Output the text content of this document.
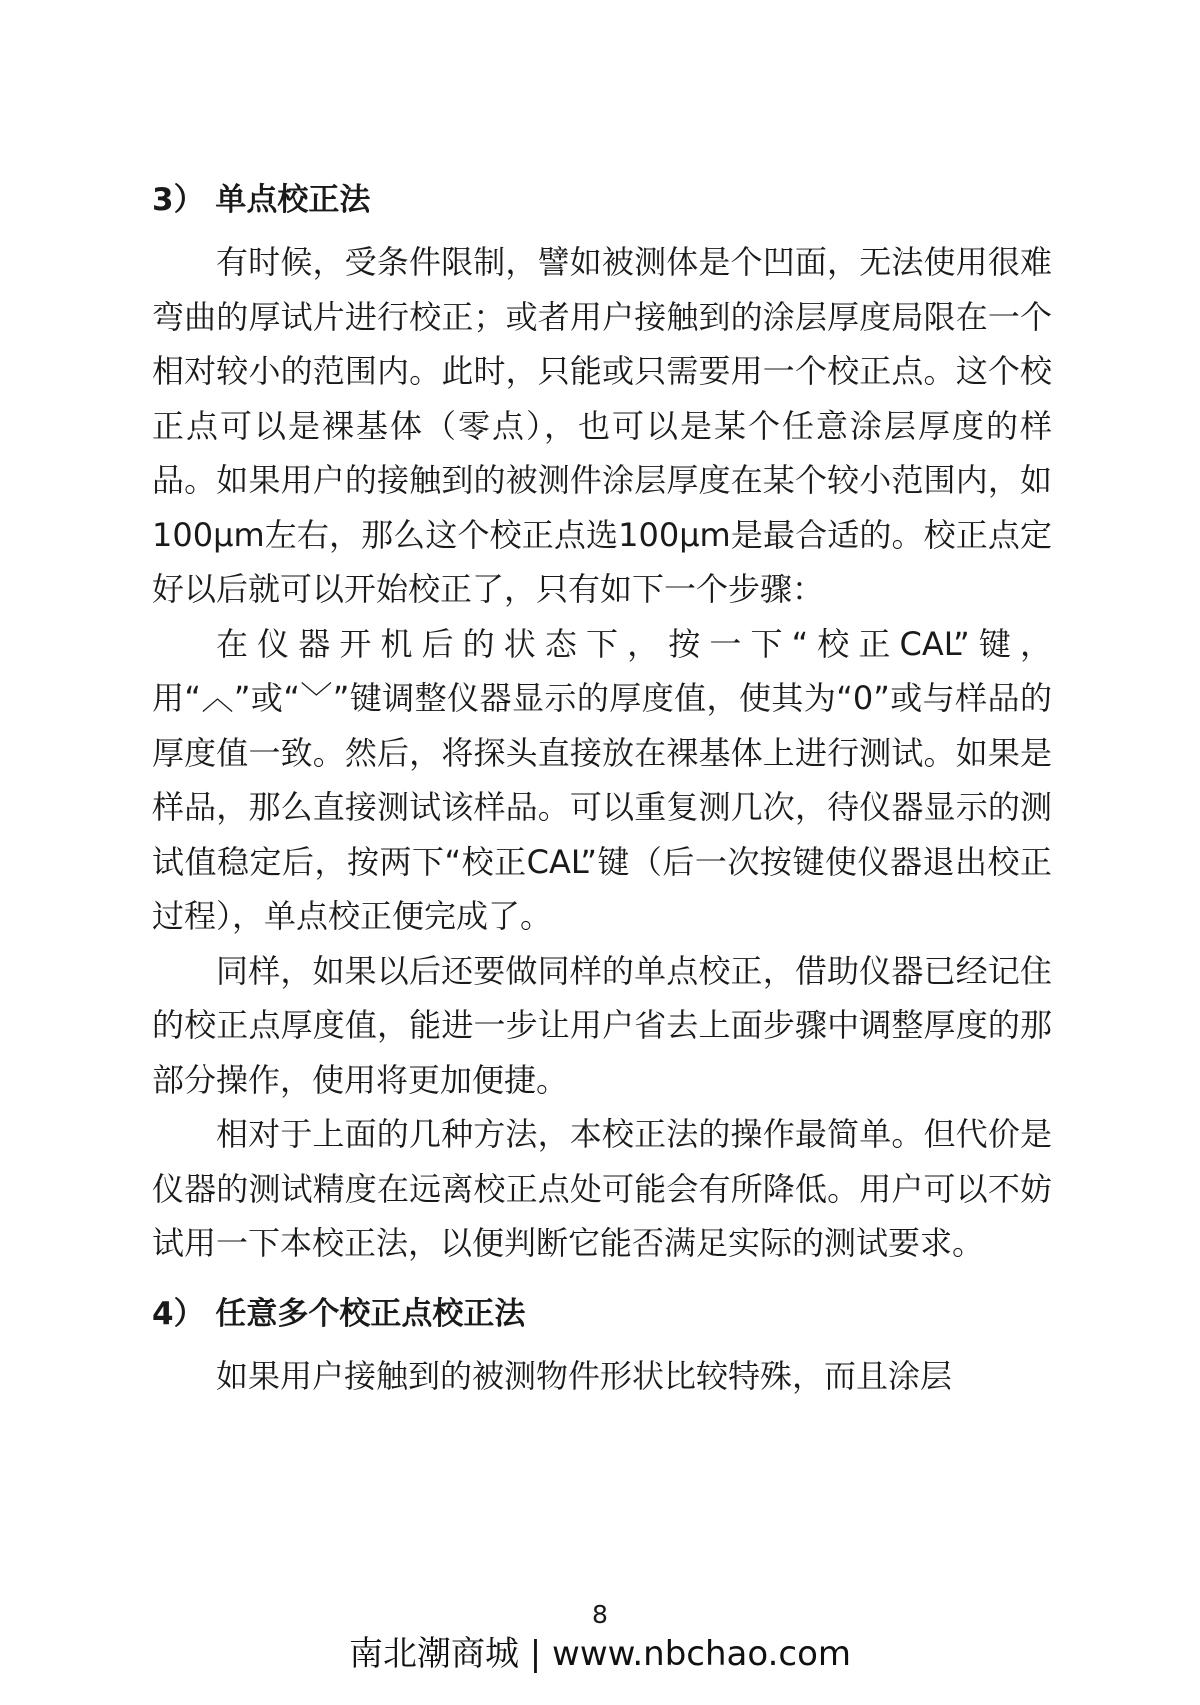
3） 单点校正法

有时候，受条件限制，譬如被测体是个凹面，无法使用很难弯曲的厚试片进行校正；或者用户接触到的涂层厚度局限在一个相对较小的范围内。此时，只能或只需要用一个校正点。这个校正点可以是裸基体（零点），也可以是某个任意涂层厚度的样品。如果用户的接触到的被测件涂层厚度在某个较小范围内，如100μm左右，那么这个校正点选100μm是最合适的。校正点定好以后就可以开始校正了，只有如下一个步骤：

在仪器开机后的状态下，按一下“校正CAL”键，用“︿”或“﹀”键调整仪器显示的厚度值，使其为“0”或与样品的厚度值一致。然后，将探头直接放在裸基体上进行测试。如果是样品，那么直接测试该样品。可以重复测几次，待仪器显示的测试值稳定后，按两下“校正CAL”键（后一次按键使仪器退出校正过程），单点校正便完成了。

同样，如果以后还要做同样的单点校正，借助仪器已经记住的校正点厚度值，能进一步让用户省去上面步骤中调整厚度的那部分操作，使用将更加便捷。

相对于上面的几种方法，本校正法的操作最简单。但代价是仪器的测试精度在远离校正点处可能会有所降低。用户可以不妨试用一下本校正法，以便判断它能否满足实际的测试要求。

4） 任意多个校正点校正法

如果用户接触到的被测物件形状比较特殊，而且涂层

8
南北潮商城 | www.nbchao.com
